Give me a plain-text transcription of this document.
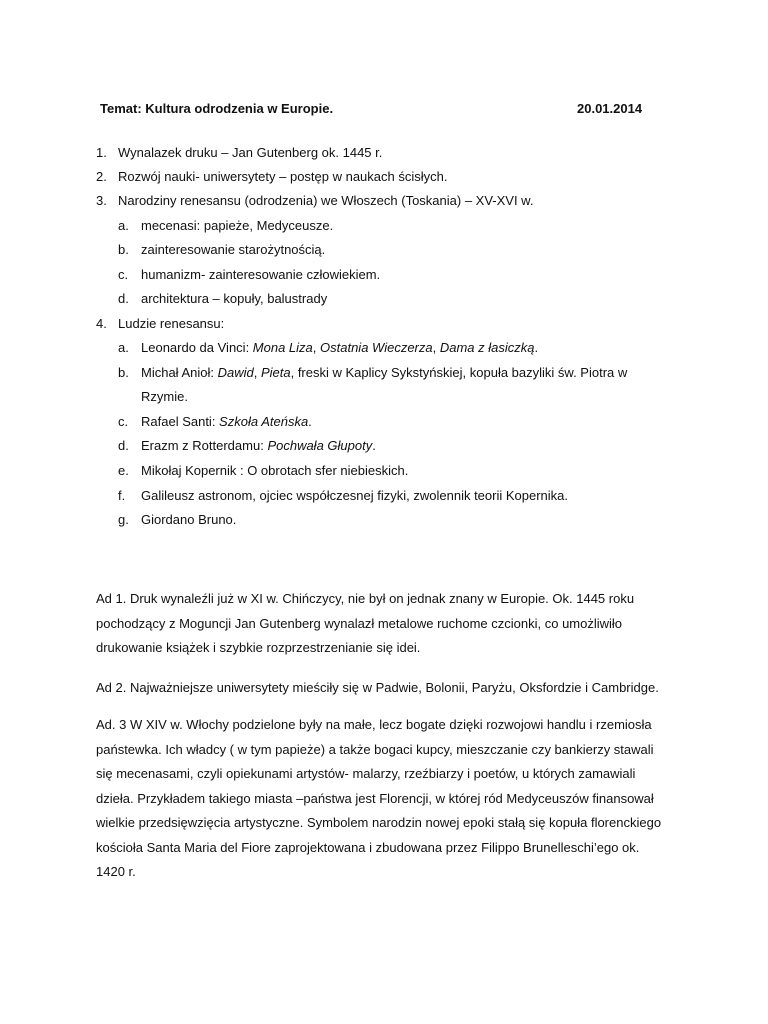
Temat: Kultura odrodzenia w Europie.	20.01.2014
1. Wynalazek druku – Jan Gutenberg ok. 1445 r.
2. Rozwój nauki- uniwersytety – postęp w naukach ścisłych.
3. Narodziny renesansu (odrodzenia) we Włoszech (Toskania) – XV-XVI w.
a. mecenasi: papieże, Medyceusze.
b. zainteresowanie starożytnością.
c. humanizm- zainteresowanie człowiekiem.
d. architektura – kopuły, balustrady
4. Ludzie renesansu:
a. Leonardo da Vinci: Mona Liza, Ostatnia Wieczerza, Dama z łasiczką.
b. Michał Anioł: Dawid, Pieta, freski w Kaplicy Sykstyńskiej, kopuła bazyliki św. Piotra w
Rzymie.
c. Rafael Santi: Szkoła Ateńska.
d. Erazm z Rotterdamu: Pochwała Głupoty.
e. Mikołaj Kopernik : O obrotach sfer niebieskich.
f. Galileusz astronom, ojciec współczesnej fizyki, zwolennik teorii Kopernika.
g. Giordano Bruno.

Ad 1. Druk wynaleźli już w XI w. Chińczycy, nie był on jednak znany w Europie. Ok. 1445 roku pochodzący z Moguncji Jan Gutenberg wynalazł metalowe ruchome czcionki, co umożliwiło drukowanie książek i szybkie rozprzestrzenianie się idei.

Ad 2. Najważniejsze uniwersytety mieściły się w Padwie, Bolonii, Paryżu, Oksfordzie i Cambridge.

Ad. 3 W XIV w. Włochy podzielone były na małe, lecz bogate dzięki rozwojowi handlu i rzemiosła państewka. Ich władcy ( w tym papieże) a także bogaci kupcy, mieszczanie czy bankierzy stawali się mecenasami, czyli opiekunami artystów- malarzy, rzeźbiarzy i poetów, u których zamawiali dzieła. Przykładem takiego miasta –państwa jest Florencji, w której ród Medyceuszów finansował wielkie przedsięwzięcia artystyczne. Symbolem narodzin nowej epoki stałą się kopuła florenckiego kościoła Santa Maria del Fiore zaprojektowana i zbudowana przez Filippo Brunelleschi’ego ok. 1420 r.
